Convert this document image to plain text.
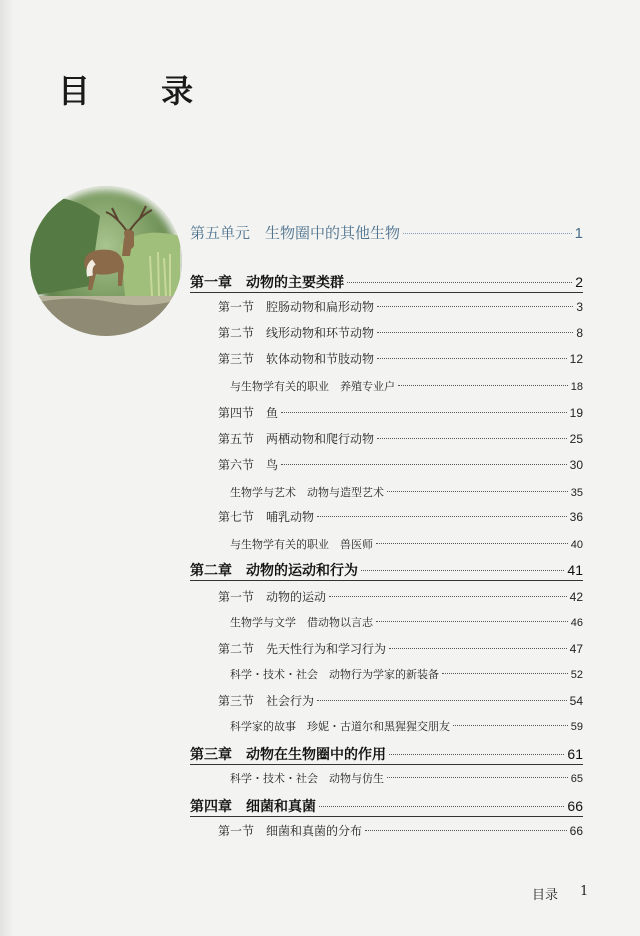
目 录
第五单元　生物圈中的其他生物	1
第一章　动物的主要类群	2
第一节　腔肠动物和扁形动物	3
第二节　线形动物和环节动物	8
第三节　软体动物和节肢动物	12
与生物学有关的职业　养殖专业户	18
第四节　鱼	19
第五节　两栖动物和爬行动物	25
第六节　鸟	30
生物学与艺术　动物与造型艺术	35
第七节　哺乳动物	36
与生物学有关的职业　兽医师	40
第二章　动物的运动和行为	41
第一节　动物的运动	42
生物学与文学　借动物以言志	46
第二节　先天性行为和学习行为	47
科学・技术・社会　动物行为学家的新装备	52
第三节　社会行为	54
科学家的故事　珍妮・古道尔和黑猩猩交朋友	59
第三章　动物在生物圈中的作用	61
科学・技术・社会　动物与仿生	65
第四章　细菌和真菌	66
第一节　细菌和真菌的分布	66
目录 1
